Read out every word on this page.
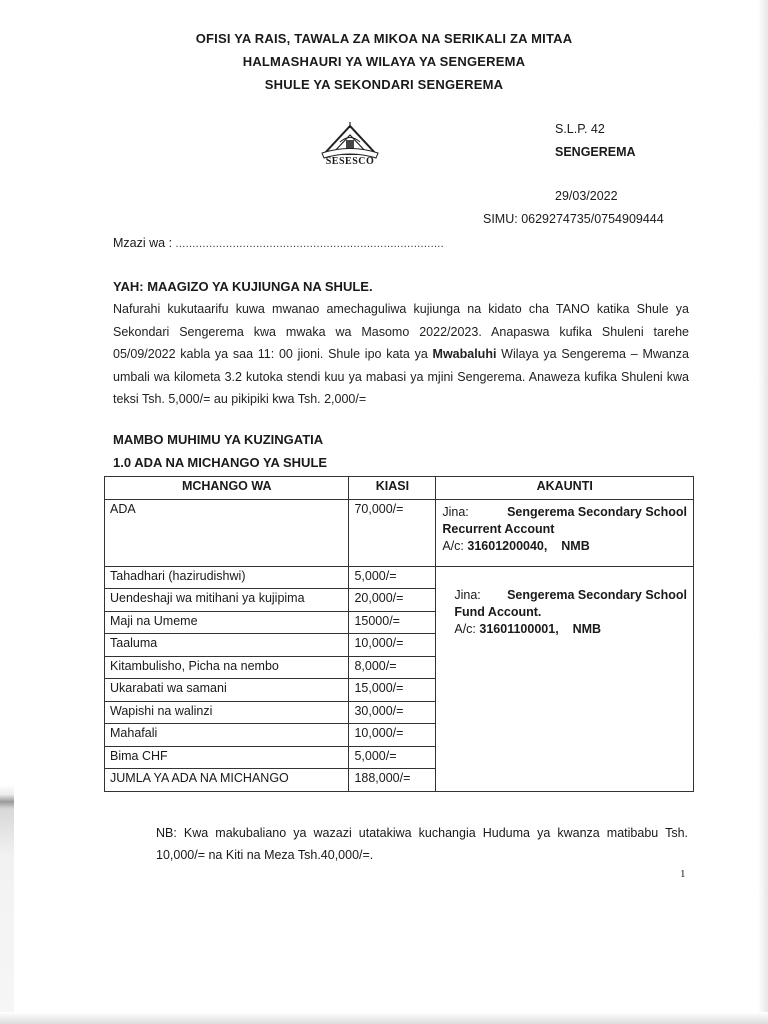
OFISI YA RAIS, TAWALA ZA MIKOA NA SERIKALI ZA MITAA
HALMASHAURI YA WILAYA YA SENGEREMA
SHULE YA SEKONDARI SENGEREMA
SESESCO
S.L.P. 42
SENGEREMA
29/03/2022
SIMU: 0629274735/0754909444
Mzazi wa : ................................................................................
YAH: MAAGIZO YA KUJIUNGA NA SHULE.
Nafurahi kukutaarifu kuwa mwanao amechaguliwa kujiunga na kidato cha TANO katika Shule ya Sekondari Sengerema kwa mwaka wa Masomo 2022/2023. Anapaswa kufika Shuleni tarehe 05/09/2022 kabla ya saa 11: 00 jioni. Shule ipo kata ya Mwabaluhi Wilaya ya Sengerema – Mwanza umbali wa kilometa 3.2 kutoka stendi kuu ya mabasi ya mjini Sengerema. Anaweza kufika Shuleni kwa teksi Tsh. 5,000/= au pikipiki kwa Tsh. 2,000/=
MAMBO MUHIMU YA KUZINGATIA
1.0 ADA NA MICHANGO YA SHULE
MCHANGO WA	KIASI	AKAUNTI
ADA	70,000/=	Jina: Sengerema Secondary School
Recurrent Account
A/c: 31601200040, NMB

Tahadhari (hazirudishwi)	5,000/=	Jina: Sengerema Secondary School
Fund Account.
A/c: 31601100001, NMB

Uendeshaji wa mitihani ya kujipima	20,000/=	
Maji na Umeme	15000/=	
Taaluma	10,000/=	
Kitambulisho, Picha na nembo	8,000/=	
Ukarabati wa samani	15,000/=	
Wapishi na walinzi	30,000/=	
Mahafali	10,000/=	
Bima CHF	5,000/=	
JUMLA YA ADA NA MICHANGO	188,000/=	
NB: Kwa makubaliano ya wazazi utatakiwa kuchangia Huduma ya kwanza matibabu Tsh. 10,000/= na Kiti na Meza Tsh.40,000/=.
1
